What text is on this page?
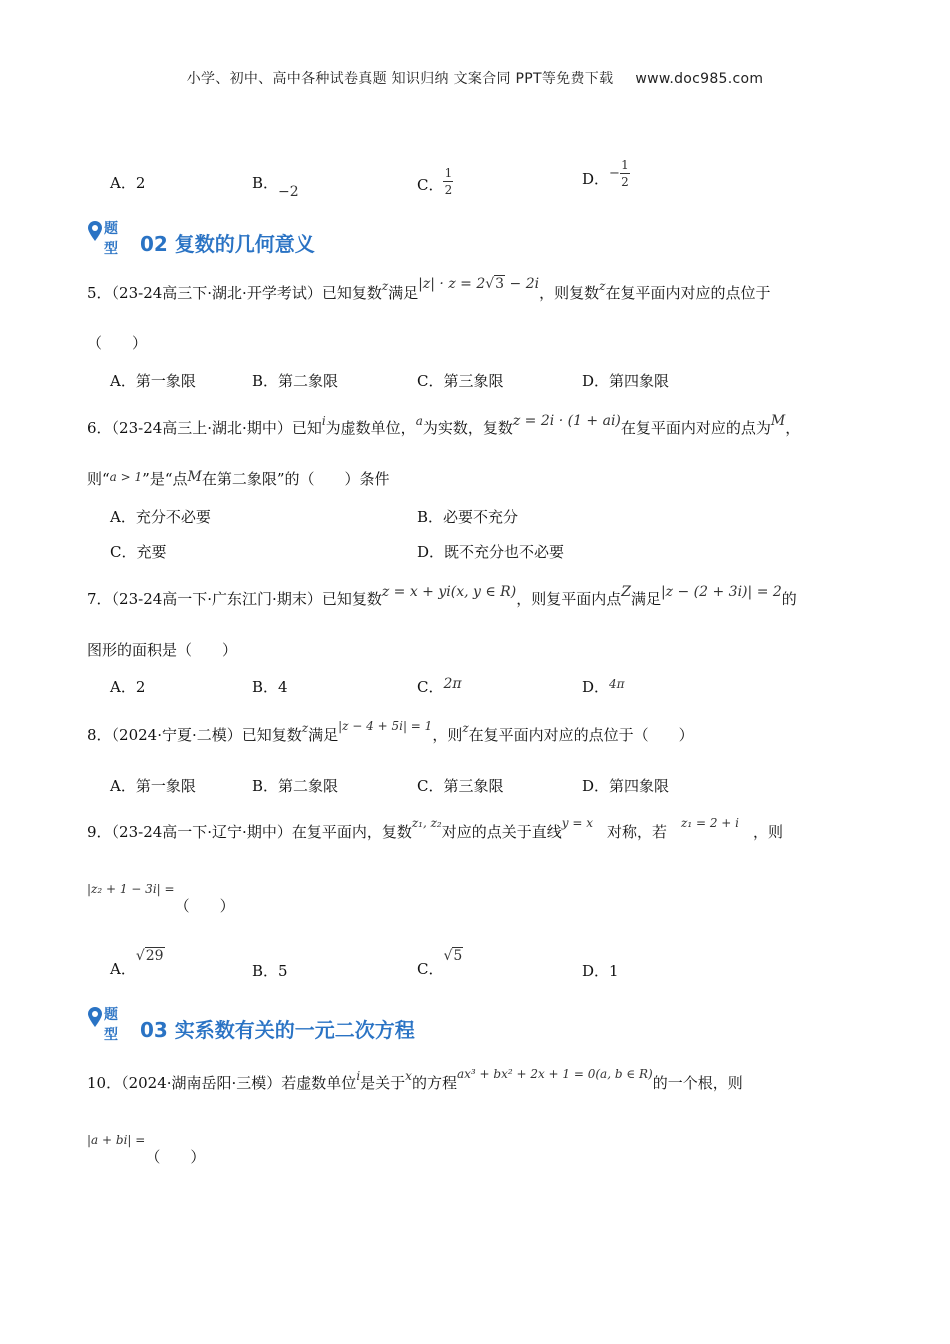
小学、初中、高中各种试卷真题 知识归纳 文案合同 PPT等免费下载 www.doc985.com
A．2	B．−2	C． $\frac{1}{2}$	D．− $\frac{1}{2}$
题型 02 复数的几何意义
5．（23-24高三下·湖北·开学考试）已知复数z满足|z| · z = 2√3 − 2i，则复数z在复平面内对应的点位于
（　　）
A．第一象限	B．第二象限	C．第三象限	D．第四象限
6．（23-24高三上·湖北·期中）已知i为虚数单位，a为实数，复数z = 2i · (1 + ai)在复平面内对应的点为M，
则“a > 1”是“点M在第二象限”的（　　）条件
A．充分不必要	B．必要不充分
C．充要	D．既不充分也不必要
7．（23-24高一下·广东江门·期末）已知复数z = x + yi(x, y ∈ R)，则复平面内点Z满足|z − (2 + 3i)| = 2的
图形的面积是（　　）
A．2	B．4	C．2π	D．4π
8．（2024·宁夏·二模）已知复数z满足|z − 4 + 5i| = 1，则z在复平面内对应的点位于（　　）
A．第一象限	B．第二象限	C．第三象限	D．第四象限
9．（23-24高一下·辽宁·期中）在复平面内，复数z₁, z₂对应的点关于直线y = x 对称，若 z₁ = 2 + i ，则
|z₂ + 1 − 3i| =（　　）
A．√29
B．5	C．√5
D．1
题型 03 实系数有关的一元二次方程
10．（2024·湖南岳阳·三模）若虚数单位i是关于x的方程ax³ + bx² + 2x + 1 = 0(a, b ∈ R)的一个根，则
|a + bi| =（　　）
